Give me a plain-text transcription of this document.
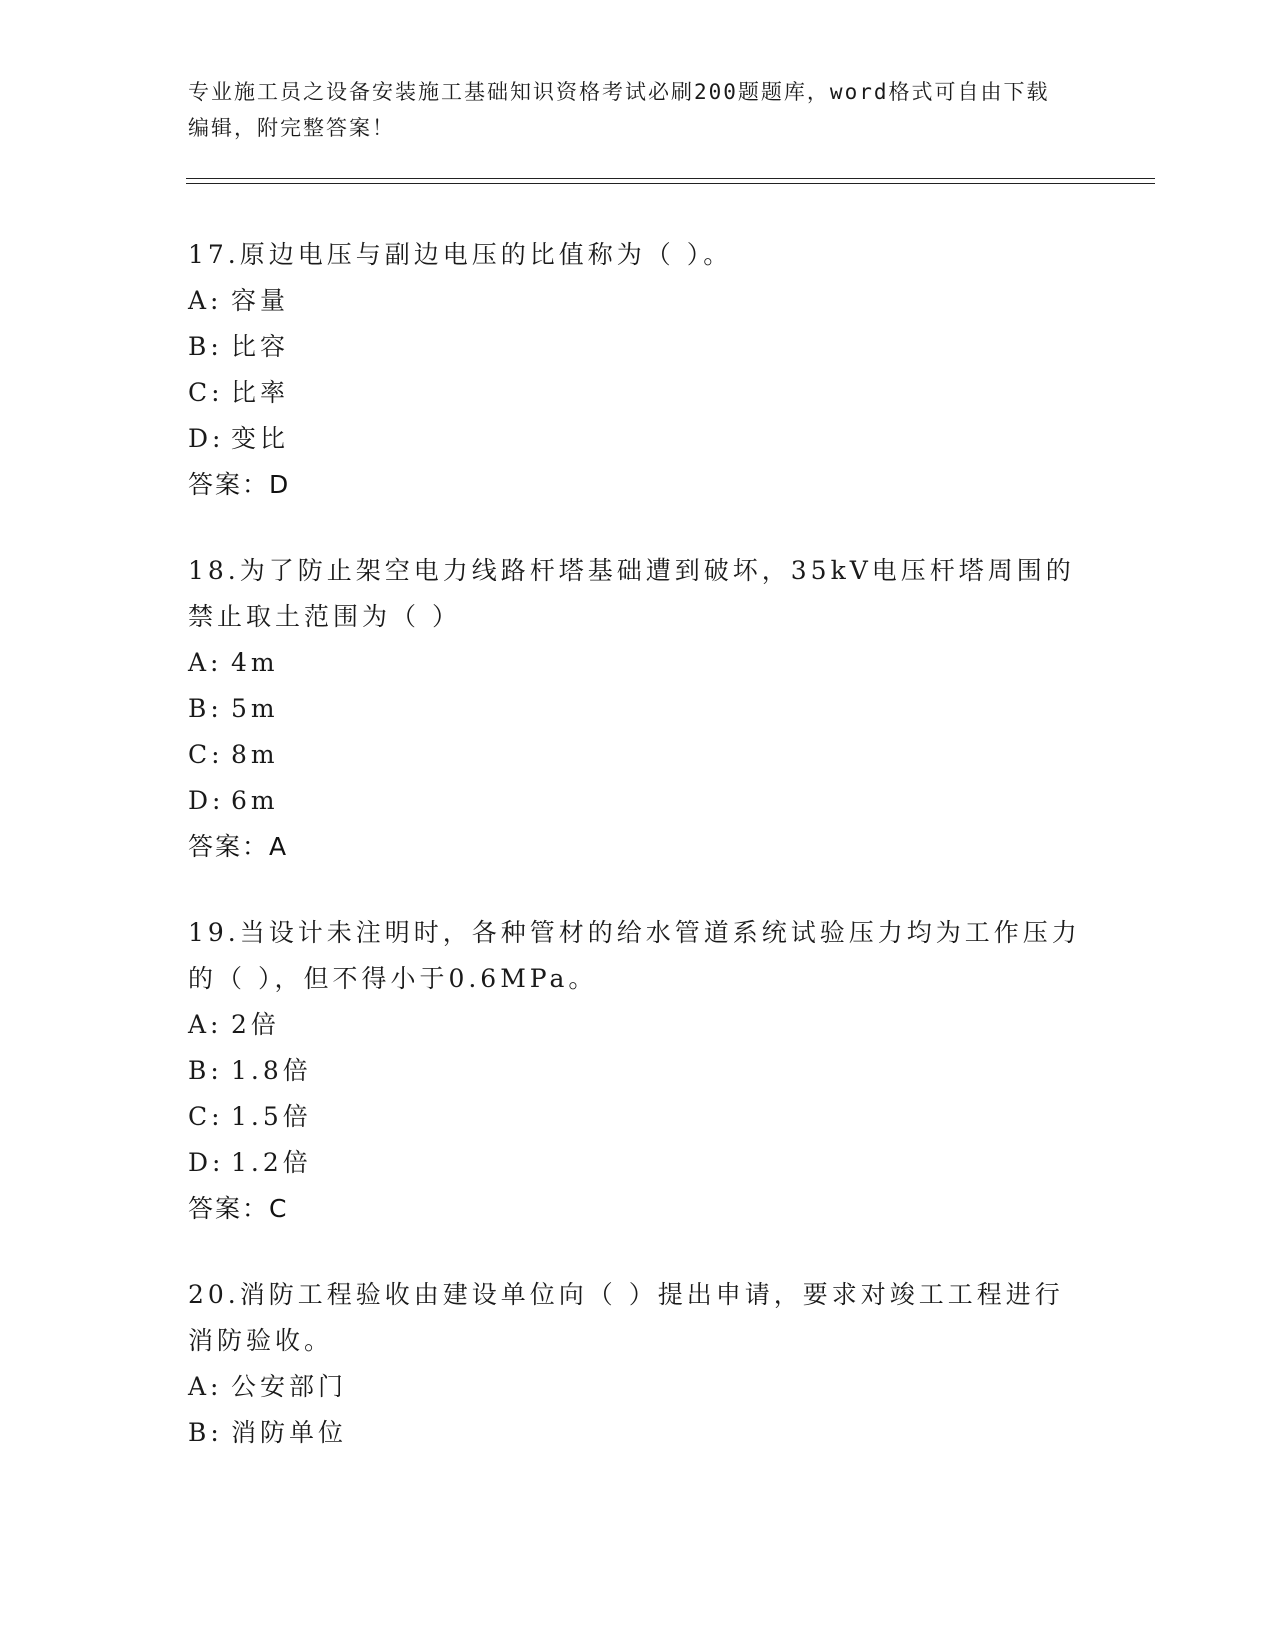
专业施工员之设备安装施工基础知识资格考试必刷200题题库，word格式可自由下载编辑，附完整答案！

17.原边电压与副边电压的比值称为（ ）。

A: 容量

B: 比容

C: 比率

D: 变比

答案：D

18.为了防止架空电力线路杆塔基础遭到破坏，35kV电压杆塔周围的禁止取土范围为（ ）

A: 4m

B: 5m

C: 8m

D: 6m

答案：A

19.当设计未注明时，各种管材的给水管道系统试验压力均为工作压力的（ ），但不得小于0.6MPa。

A: 2倍

B: 1.8倍

C: 1.5倍

D: 1.2倍

答案：C

20.消防工程验收由建设单位向（ ）提出申请，要求对竣工工程进行消防验收。

A: 公安部门

B: 消防单位
